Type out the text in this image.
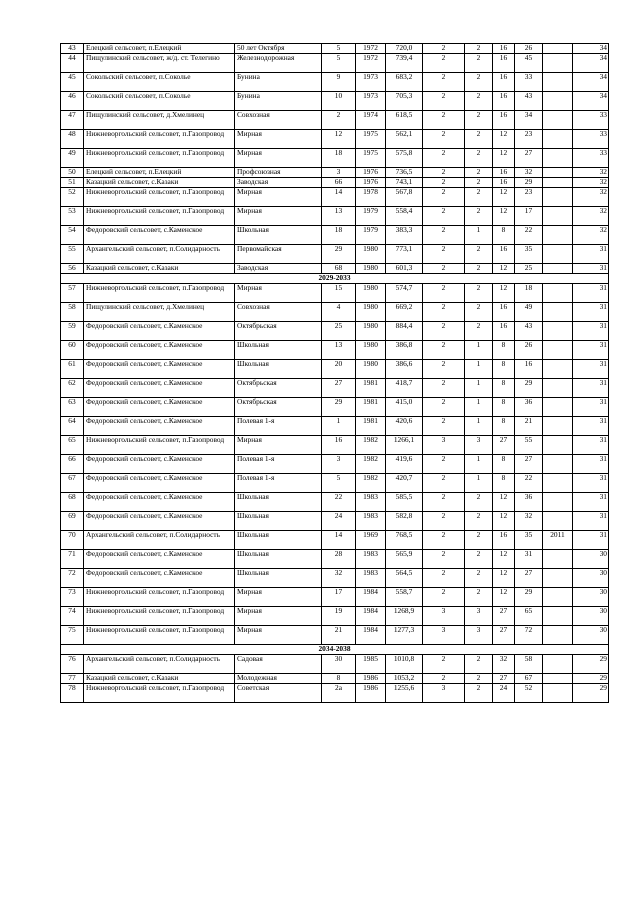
43	Елецкий сельсовет, п.Елецкий	50 лет Октября	5	1972	720,0	2	2	16	26		34
44	Пищулинский сельсовет, ж/д. ст. Телегино	Железнодорожная	5	1972	739,4	2	2	16	45		34
45	Сокольский сельсовет, п.Сокольe	Бунина	9	1973	683,2	2	2	16	33		34
46	Сокольский сельсовет, п.Сокольe	Бунина	10	1973	705,3	2	2	16	43		34
47	Пищулинский сельсовет, д.Хмелинец	Совхозная	2	1974	618,5	2	2	16	34		33
48	Нижневоргольский сельсовет, п.Газопровод	Мирная	12	1975	562,1	2	2	12	23		33
49	Нижневоргольский сельсовет, п.Газопровод	Мирная	18	1975	575,8	2	2	12	27		33
50	Елецкий сельсовет, п.Елецкий	Профсоюзная	3	1976	736,5	2	2	16	32		32
51	Казацкий сельсовет, с.Казаки	Заводская	66	1976	743,1	2	2	16	29		32
52	Нижневоргольский сельсовет, п.Газопровод	Мирная	14	1978	567,8	2	2	12	23		32
53	Нижневоргольский сельсовет, п.Газопровод	Мирная	13	1979	558,4	2	2	12	17		32
54	Федоровский сельсовет, с.Каменское	Школьная	18	1979	383,3	2	1	8	22		32
55	Архангельский сельсовет, п.Солидарность	Первомайская	29	1980	773,1	2	2	16	35		31
56	Казацкий сельсовет, с.Казаки	Заводская	68	1980	601,3	2	2	12	25		31
2029-2033											
57	Нижневоргольский сельсовет, п.Газопровод	Мирная	15	1980	574,7	2	2	12	18		31
58	Пищулинский сельсовет, д.Хмелинец	Совхозная	4	1980	669,2	2	2	16	49		31
59	Федоровский сельсовет, с.Каменское	Октябрьская	25	1980	884,4	2	2	16	43		31
60	Федоровский сельсовет, с.Каменское	Школьная	13	1980	386,8	2	1	8	26		31
61	Федоровский сельсовет, с.Каменское	Школьная	20	1980	386,6	2	1	8	16		31
62	Федоровский сельсовет, с.Каменское	Октябрьская	27	1981	418,7	2	1	8	29		31
63	Федоровский сельсовет, с.Каменское	Октябрьская	29	1981	415,0	2	1	8	36		31
64	Федоровский сельсовет, с.Каменское	Полевая 1-я	1	1981	420,6	2	1	8	21		31
65	Нижневоргольский сельсовет, п.Газопровод	Мирная	16	1982	1266,1	3	3	27	55		31
66	Федоровский сельсовет, с.Каменское	Полевая 1-я	3	1982	419,6	2	1	8	27		31
67	Федоровский сельсовет, с.Каменское	Полевая 1-я	5	1982	420,7	2	1	8	22		31
68	Федоровский сельсовет, с.Каменское	Школьная	22	1983	585,5	2	2	12	36		31
69	Федоровский сельсовет, с.Каменское	Школьная	24	1983	582,8	2	2	12	32		31
70	Архангельский сельсовет, п.Солидарность	Школьная	14	1969	768,5	2	2	16	35	2011	31
71	Федоровский сельсовет, с.Каменское	Школьная	28	1983	565,9	2	2	12	31		30
72	Федоровский сельсовет, с.Каменское	Школьная	32	1983	564,5	2	2	12	27		30
73	Нижневоргольский сельсовет, п.Газопровод	Мирная	17	1984	558,7	2	2	12	29		30
74	Нижневоргольский сельсовет, п.Газопровод	Мирная	19	1984	1268,9	3	3	27	65		30
75	Нижневоргольский сельсовет, п.Газопровод	Мирная	21	1984	1277,3	3	3	27	72		30
2034-2038											
76	Архангельский сельсовет, п.Солидарность	Садовая	30	1985	1010,8	2	2	32	58		29
77	Казацкий сельсовет, с.Казаки	Молодежная	8	1986	1053,2	2	2	27	67		29
78	Нижневоргольский сельсовет, п.Газопровод	Советская	2а	1986	1255,6	3	2	24	52		29
